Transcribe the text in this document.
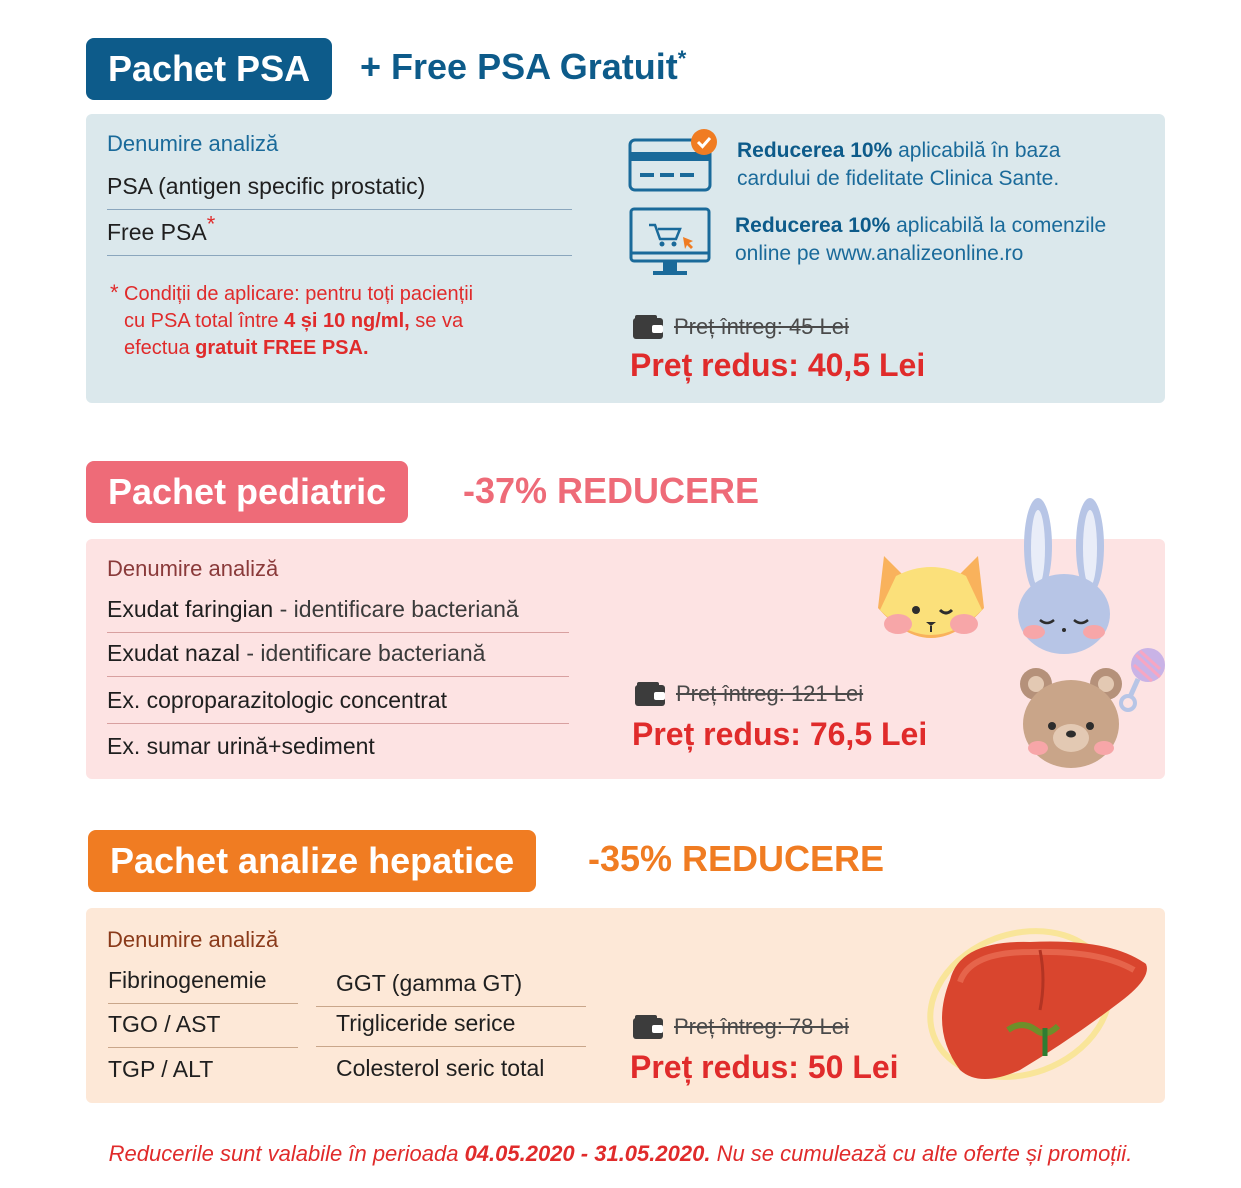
Pachet PSA + Free PSA Gratuit*
Denumire analiză
PSA (antigen specific prostatic)
Free PSA*
* Condiții de aplicare: pentru toți pacienții
cu PSA total între 4 și 10 ng/ml, se va
efectua gratuit FREE PSA.
Reducerea 10% aplicabilă în baza
cardului de fidelitate Clinica Sante.
Reducerea 10% aplicabilă la comenzile
online pe www.analizeonline.ro
Preț întreg: 45 Lei
Preț redus: 40,5 Lei
Pachet pediatric -37% REDUCERE
Denumire analiză
Exudat faringian - identificare bacteriană
Exudat nazal - identificare bacteriană
Ex. coproparazitologic concentrat
Ex. sumar urină+sediment
Preț întreg: 121 Lei
Preț redus: 76,5 Lei
Pachet analize hepatice -35% REDUCERE
Denumire analiză
Fibrinogenemie
TGO / AST
TGP / ALT
GGT (gamma GT)
Trigliceride serice
Colesterol seric total
Preț întreg: 78 Lei
Preț redus: 50 Lei
Reducerile sunt valabile în perioada 04.05.2020 - 31.05.2020. Nu se cumulează cu alte oferte și promoții.
